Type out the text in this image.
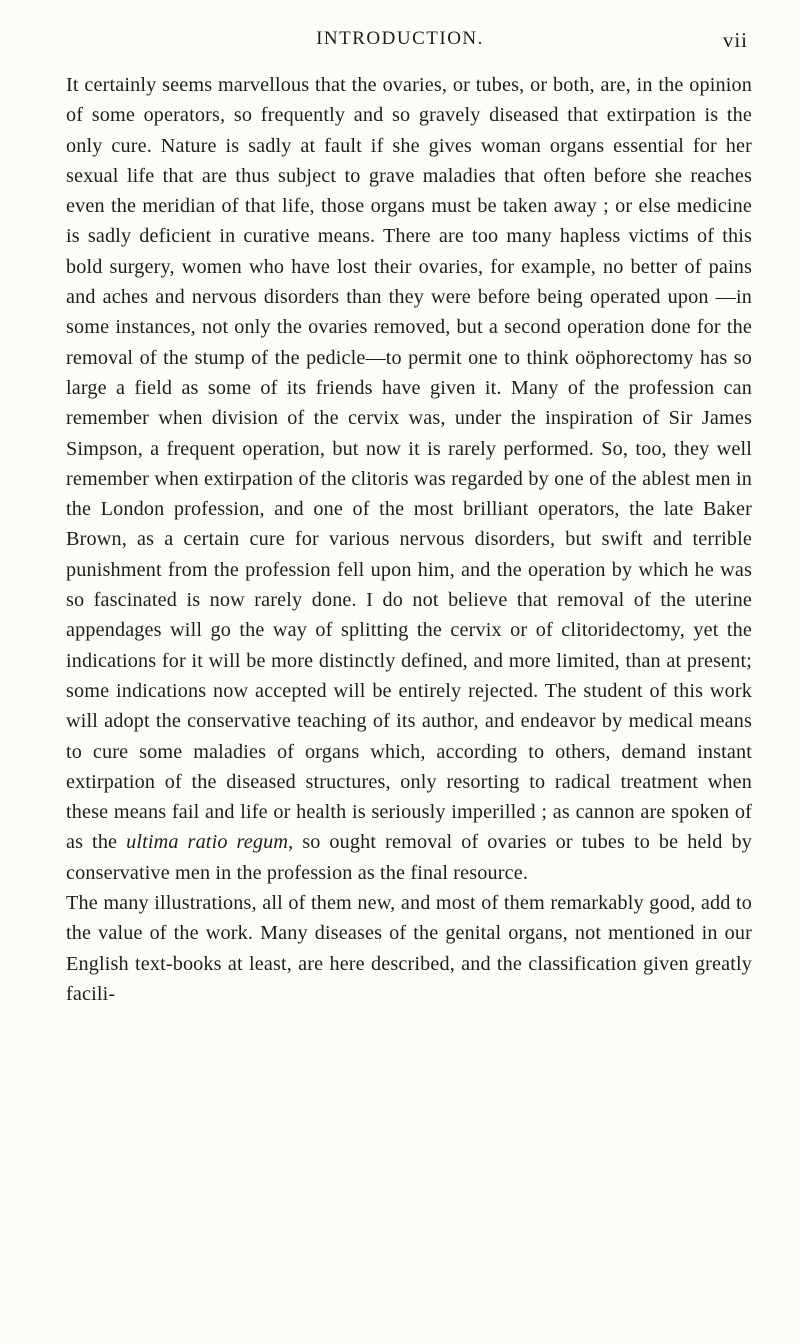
INTRODUCTION.	vii

It certainly seems marvellous that the ovaries, or tubes, or both, are, in the opinion of some operators, so frequently and so gravely diseased that extirpation is the only cure. Nature is sadly at fault if she gives woman organs essential for her sexual life that are thus subject to grave maladies that often before she reaches even the meridian of that life, those organs must be taken away ; or else medicine is sadly deficient in curative means. There are too many hapless victims of this bold surgery, women who have lost their ovaries, for example, no better of pains and aches and nervous disorders than they were before being operated upon —in some instances, not only the ovaries removed, but a second operation done for the removal of the stump of the pedicle—to permit one to think oöphorectomy has so large a field as some of its friends have given it. Many of the profession can remember when division of the cervix was, under the inspiration of Sir James Simpson, a frequent operation, but now it is rarely performed. So, too, they well remember when extirpation of the clitoris was regarded by one of the ablest men in the London profession, and one of the most brilliant operators, the late Baker Brown, as a certain cure for various nervous disorders, but swift and terrible punishment from the profession fell upon him, and the operation by which he was so fascinated is now rarely done. I do not believe that removal of the uterine appendages will go the way of splitting the cervix or of clitoridectomy, yet the indications for it will be more distinctly defined, and more limited, than at present; some indications now accepted will be entirely rejected. The student of this work will adopt the conservative teaching of its author, and endeavor by medical means to cure some maladies of organs which, according to others, demand instant extirpation of the diseased structures, only resorting to radical treatment when these means fail and life or health is seriously imperilled ; as cannon are spoken of as the ultima ratio regum, so ought removal of ovaries or tubes to be held by conservative men in the profession as the final resource.

The many illustrations, all of them new, and most of them remarkably good, add to the value of the work. Many diseases of the genital organs, not mentioned in our English text-books at least, are here described, and the classification given greatly facili-
